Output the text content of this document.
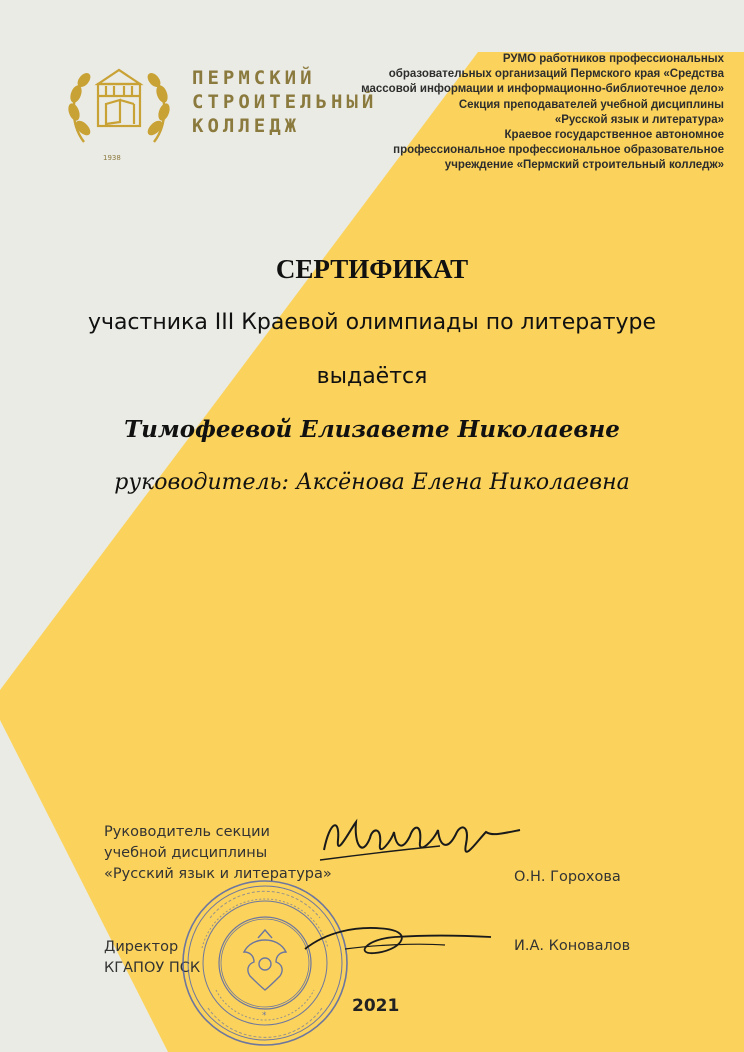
1938
ПЕРМСКИЙ
СТРОИТЕЛЬНЫЙ
КОЛЛЕДЖ
РУМО работников профессиональных
образовательных организаций Пермского края «Средства
массовой информации и информационно-библиотечное дело»
Секция преподавателей учебной дисциплины
«Русской язык и литература»
Краевое государственное автономное
профессиональное профессиональное образовательное
учреждение «Пермский строительный колледж»
СЕРТИФИКАТ
участника III Краевой олимпиады по литературе
выдаётся
Тимофеевой Елизавете Николаевне
руководитель: Аксёнова Елена Николаевна
Руководитель секции
учебной дисциплины
«Русский язык и литература»	О.Н. Горохова
Директор
КГАПОУ ПСК
И.А. Коновалов
*	2021
